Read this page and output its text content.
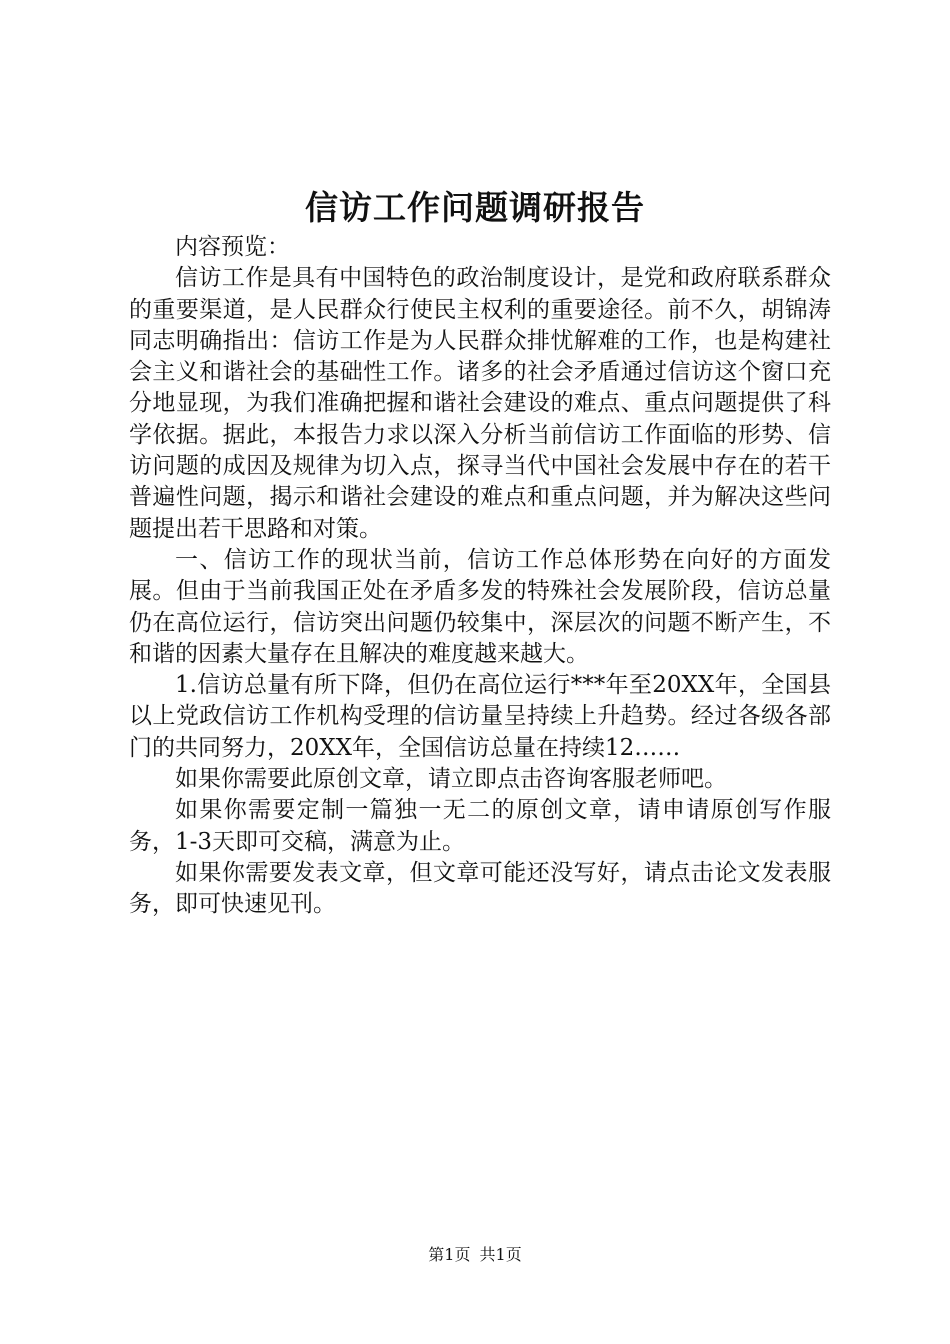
信访工作问题调研报告

内容预览：

信访工作是具有中国特色的政治制度设计，是党和政府联系群众的重要渠道，是人民群众行使民主权利的重要途径。前不久，胡锦涛同志明确指出：信访工作是为人民群众排忧解难的工作，也是构建社会主义和谐社会的基础性工作。诸多的社会矛盾通过信访这个窗口充分地显现，为我们准确把握和谐社会建设的难点、重点问题提供了科学依据。据此，本报告力求以深入分析当前信访工作面临的形势、信访问题的成因及规律为切入点，探寻当代中国社会发展中存在的若干普遍性问题，揭示和谐社会建设的难点和重点问题，并为解决这些问题提出若干思路和对策。

一、信访工作的现状当前，信访工作总体形势在向好的方面发展。但由于当前我国正处在矛盾多发的特殊社会发展阶段，信访总量仍在高位运行，信访突出问题仍较集中，深层次的问题不断产生，不和谐的因素大量存在且解决的难度越来越大。

1.信访总量有所下降，但仍在高位运行***年至20XX年，全国县以上党政信访工作机构受理的信访量呈持续上升趋势。经过各级各部门的共同努力，20XX年，全国信访总量在持续12……

如果你需要此原创文章，请立即点击咨询客服老师吧。

如果你需要定制一篇独一无二的原创文章，请申请原创写作服务，1-3天即可交稿，满意为止。

如果你需要发表文章，但文章可能还没写好，请点击论文发表服务，即可快速见刊。

第1页 共1页
